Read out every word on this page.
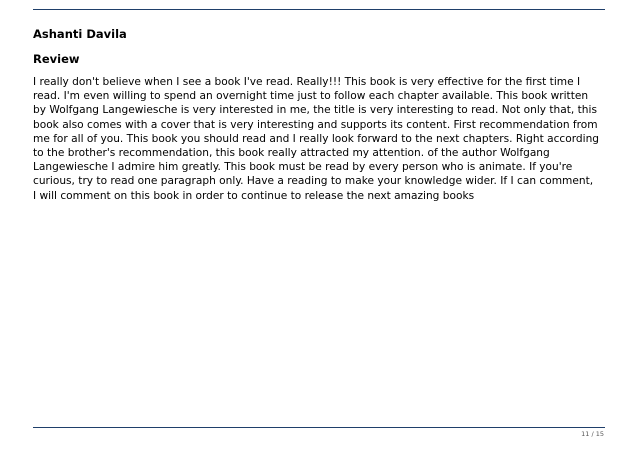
Ashanti Davila
Review
I really don't believe when I see a book I've read. Really!!! This book is very effective for the first time I
read. I'm even willing to spend an overnight time just to follow each chapter available. This book written
by Wolfgang Langewiesche is very interested in me, the title is very interesting to read. Not only that, this
book also comes with a cover that is very interesting and supports its content. First recommendation from
me for all of you. This book you should read and I really look forward to the next chapters. Right according
to the brother's recommendation, this book really attracted my attention. of the author Wolfgang
Langewiesche I admire him greatly. This book must be read by every person who is animate. If you're
curious, try to read one paragraph only. Have a reading to make your knowledge wider. If I can comment,
I will comment on this book in order to continue to release the next amazing books
11 / 15
